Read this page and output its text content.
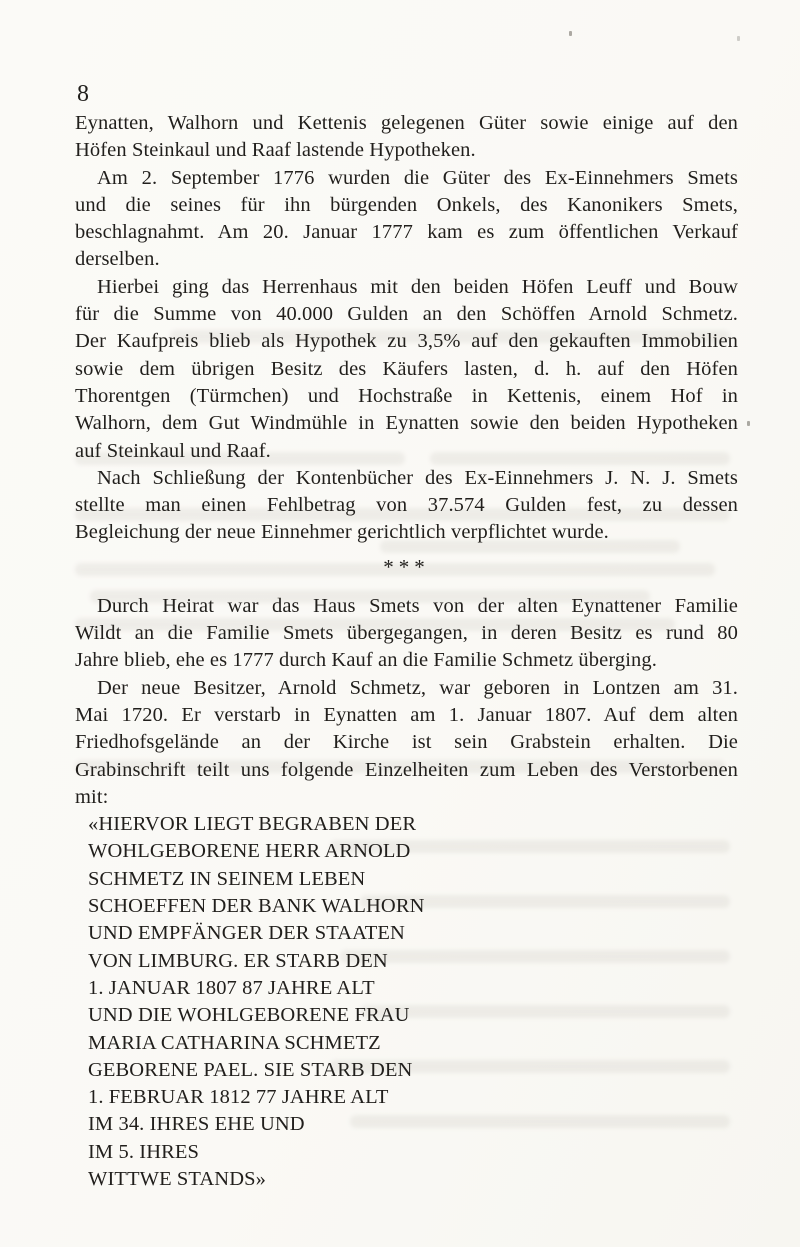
8
Eynatten, Walhorn und Kettenis gelegenen Güter sowie einige auf den
Höfen Steinkaul und Raaf lastende Hypotheken.
Am 2. September 1776 wurden die Güter des Ex-Einnehmers Smets
und die seines für ihn bürgenden Onkels, des Kanonikers Smets,
beschlagnahmt. Am 20. Januar 1777 kam es zum öffentlichen Verkauf
derselben.
Hierbei ging das Herrenhaus mit den beiden Höfen Leuff und Bouw
für die Summe von 40.000 Gulden an den Schöffen Arnold Schmetz.
Der Kaufpreis blieb als Hypothek zu 3,5% auf den gekauften Immobilien
sowie dem übrigen Besitz des Käufers lasten, d. h. auf den Höfen
Thorentgen (Türmchen) und Hochstraße in Kettenis, einem Hof in
Walhorn, dem Gut Windmühle in Eynatten sowie den beiden Hypotheken
auf Steinkaul und Raaf.
Nach Schließung der Kontenbücher des Ex-Einnehmers J. N. J. Smets
stellte man einen Fehlbetrag von 37.574 Gulden fest, zu dessen
Begleichung der neue Einnehmer gerichtlich verpflichtet wurde.
***
Durch Heirat war das Haus Smets von der alten Eynattener Familie
Wildt an die Familie Smets übergegangen, in deren Besitz es rund 80
Jahre blieb, ehe es 1777 durch Kauf an die Familie Schmetz überging.
Der neue Besitzer, Arnold Schmetz, war geboren in Lontzen am 31.
Mai 1720. Er verstarb in Eynatten am 1. Januar 1807. Auf dem alten
Friedhofsgelände an der Kirche ist sein Grabstein erhalten. Die
Grabinschrift teilt uns folgende Einzelheiten zum Leben des Verstorbenen
mit:
«HIERVOR LIEGT BEGRABEN DER
WOHLGEBORENE HERR ARNOLD
SCHMETZ IN SEINEM LEBEN
SCHOEFFEN DER BANK WALHORN
UND EMPFÄNGER DER STAATEN
VON LIMBURG. ER STARB DEN
1. JANUAR 1807 87 JAHRE ALT
UND DIE WOHLGEBORENE FRAU
MARIA CATHARINA SCHMETZ
GEBORENE PAEL. SIE STARB DEN
1. FEBRUAR 1812 77 JAHRE ALT
IM 34. IHRES EHE UND
IM 5. IHRES
WITTWE STANDS»
